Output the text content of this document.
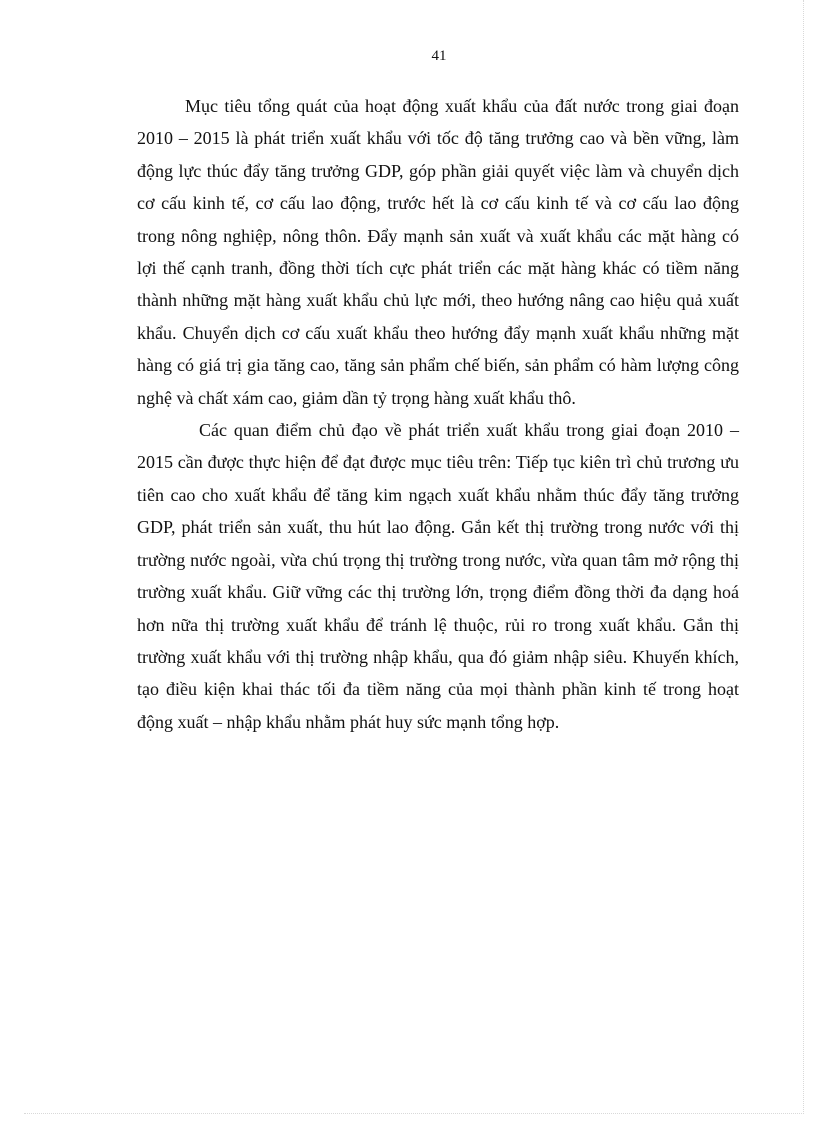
41

Mục tiêu tổng quát của hoạt động xuất khẩu của đất nước trong giai đoạn 2010 – 2015 là phát triển xuất khẩu với tốc độ tăng trưởng cao và bền vững, làm động lực thúc đẩy tăng trưởng GDP, góp phần giải quyết việc làm và chuyển dịch cơ cấu kinh tế, cơ cấu lao động, trước hết là cơ cấu kinh tế và cơ cấu lao động trong nông nghiệp, nông thôn. Đẩy mạnh sản xuất và xuất khẩu các mặt hàng có lợi thế cạnh tranh, đồng thời tích cực phát triển các mặt hàng khác có tiềm năng thành những mặt hàng xuất khẩu chủ lực mới, theo hướng nâng cao hiệu quả xuất khẩu. Chuyển dịch cơ cấu xuất khẩu theo hướng đẩy mạnh xuất khẩu những mặt hàng có giá trị gia tăng cao, tăng sản phẩm chế biến, sản phẩm có hàm lượng công nghệ và chất xám cao, giảm dần tỷ trọng hàng xuất khẩu thô.

Các quan điểm chủ đạo về phát triển xuất khẩu trong giai đoạn 2010 – 2015 cần được thực hiện để đạt được mục tiêu trên: Tiếp tục kiên trì chủ trương ưu tiên cao cho xuất khẩu để tăng kim ngạch xuất khẩu nhằm thúc đẩy tăng trưởng GDP, phát triển sản xuất, thu hút lao động. Gắn kết thị trường trong nước với thị trường nước ngoài, vừa chú trọng thị trường trong nước, vừa quan tâm mở rộng thị trường xuất khẩu. Giữ vững các thị trường lớn, trọng điểm đồng thời đa dạng hoá hơn nữa thị trường xuất khẩu để tránh lệ thuộc, rủi ro trong xuất khẩu. Gắn thị trường xuất khẩu với thị trường nhập khẩu, qua đó giảm nhập siêu. Khuyến khích, tạo điều kiện khai thác tối đa tiềm năng của mọi thành phần kinh tế trong hoạt động xuất – nhập khẩu nhằm phát huy sức mạnh tổng hợp.
